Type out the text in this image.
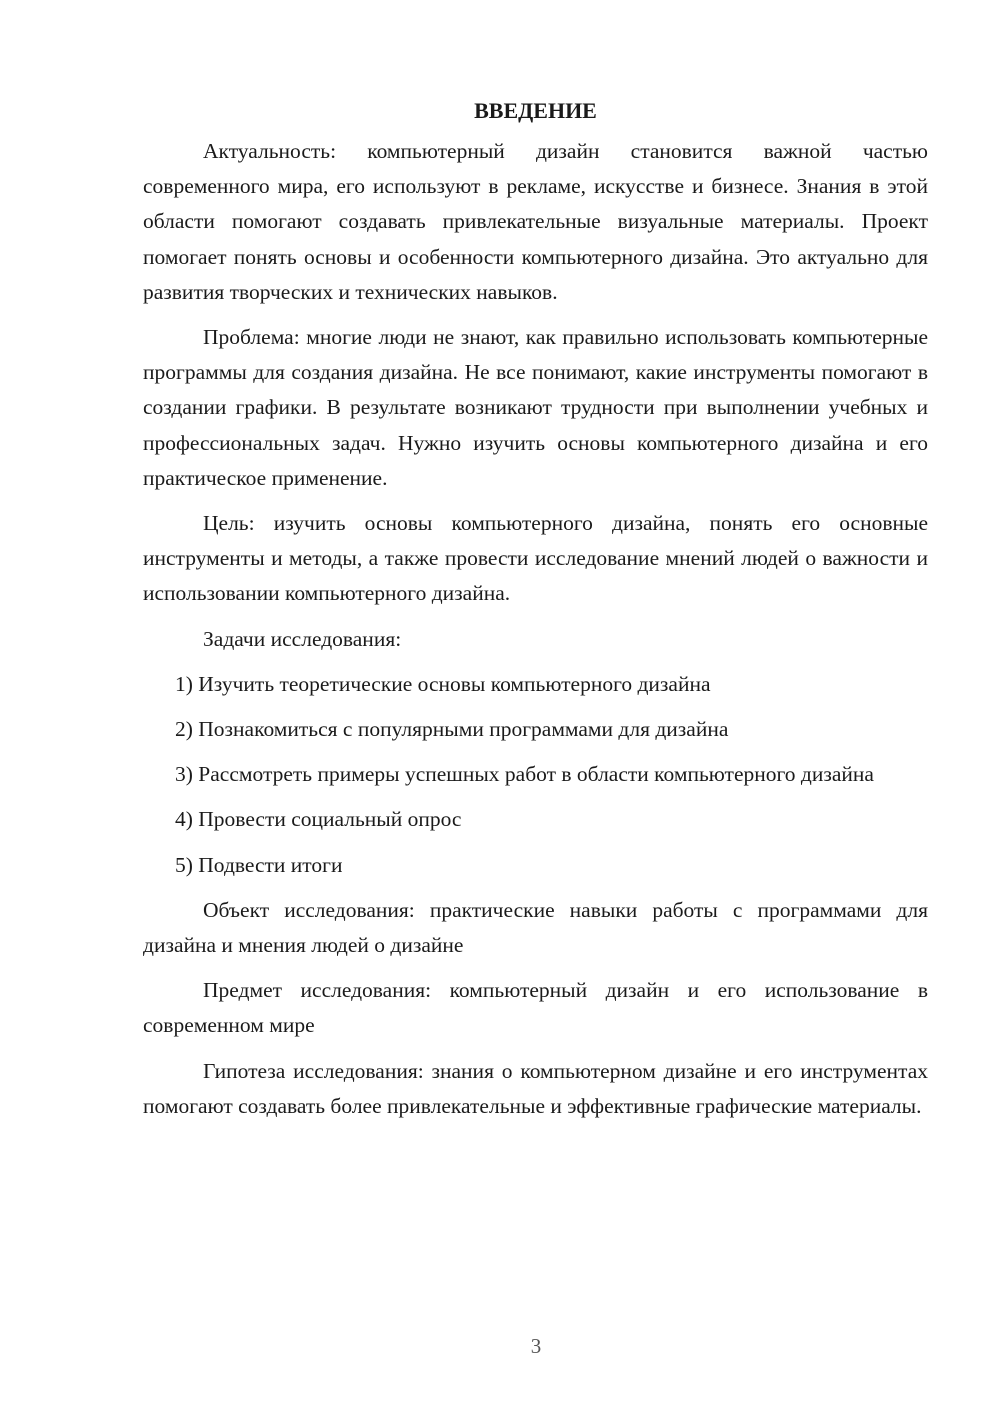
ВВЕДЕНИЕ

Актуальность: компьютерный дизайн становится важной частью современного мира, его используют в рекламе, искусстве и бизнесе. Знания в этой области помогают создавать привлекательные визуальные материалы. Проект помогает понять основы и особенности компьютерного дизайна. Это актуально для развития творческих и технических навыков.

Проблема: многие люди не знают, как правильно использовать компьютерные программы для создания дизайна. Не все понимают, какие инструменты помогают в создании графики. В результате возникают трудности при выполнении учебных и профессиональных задач. Нужно изучить основы компьютерного дизайна и его практическое применение.

Цель: изучить основы компьютерного дизайна, понять его основные инструменты и методы, а также провести исследование мнений людей о важности и использовании компьютерного дизайна.

Задачи исследования:

1) Изучить теоретические основы компьютерного дизайна

2) Познакомиться с популярными программами для дизайна

3) Рассмотреть примеры успешных работ в области компьютерного дизайна

4) Провести социальный опрос

5) Подвести итоги

Объект исследования: практические навыки работы с программами для дизайна и мнения людей о дизайне

Предмет исследования: компьютерный дизайн и его использование в современном мире

Гипотеза исследования: знания о компьютерном дизайне и его инструментах помогают создавать более привлекательные и эффективные графические материалы.

3
